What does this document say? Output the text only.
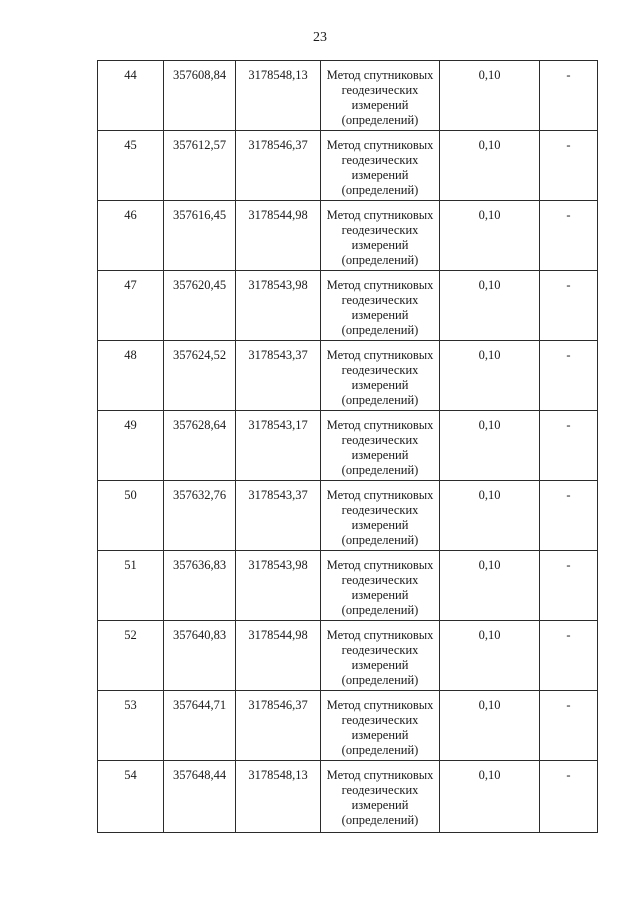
23
44	357608,84	3178548,13	Метод спутниковых геодезических измерений (определений)	0,10	-
45	357612,57	3178546,37	Метод спутниковых геодезических измерений (определений)	0,10	-
46	357616,45	3178544,98	Метод спутниковых геодезических измерений (определений)	0,10	-
47	357620,45	3178543,98	Метод спутниковых геодезических измерений (определений)	0,10	-
48	357624,52	3178543,37	Метод спутниковых геодезических измерений (определений)	0,10	-
49	357628,64	3178543,17	Метод спутниковых геодезических измерений (определений)	0,10	-
50	357632,76	3178543,37	Метод спутниковых геодезических измерений (определений)	0,10	-
51	357636,83	3178543,98	Метод спутниковых геодезических измерений (определений)	0,10	-
52	357640,83	3178544,98	Метод спутниковых геодезических измерений (определений)	0,10	-
53	357644,71	3178546,37	Метод спутниковых геодезических измерений (определений)	0,10	-
54	357648,44	3178548,13	Метод спутниковых геодезических измерений (определений)	0,10	-
